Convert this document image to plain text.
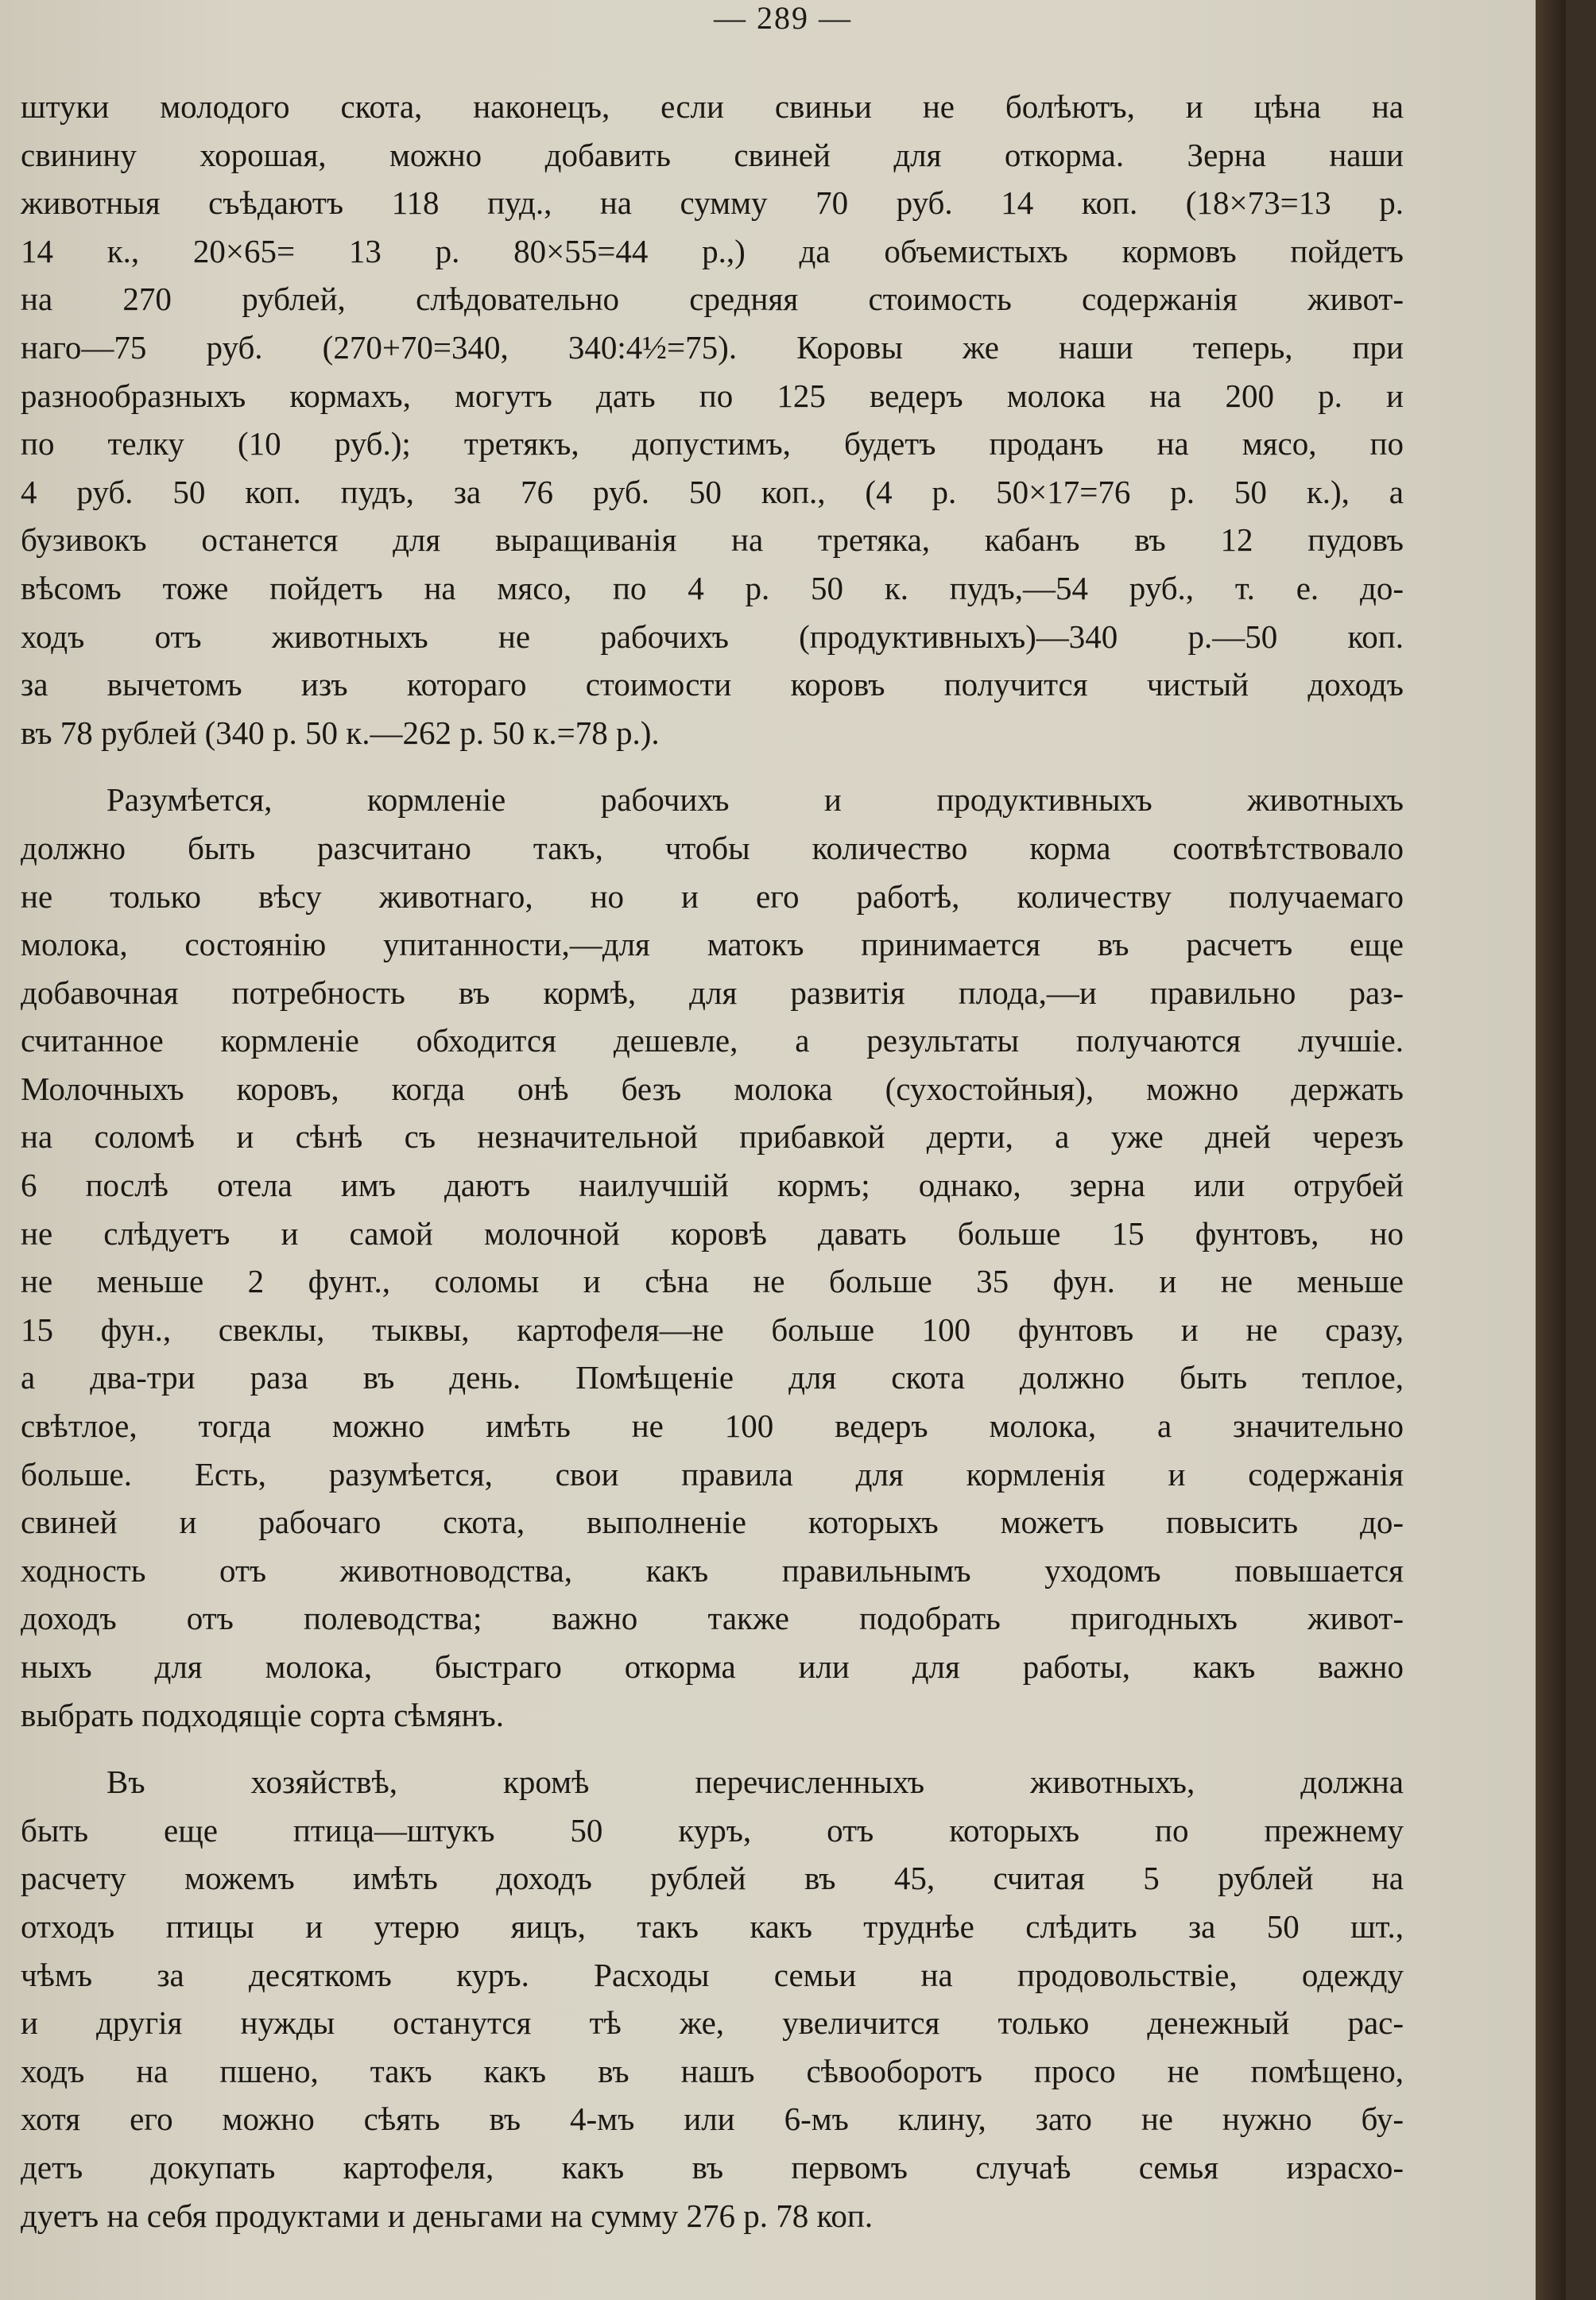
— 289 —
штуки молодого скота, наконецъ, если свиньи не болѣютъ, и цѣна на
свинину хорошая, можно добавить свиней для откорма. Зерна наши
животныя съѣдаютъ 118 пуд., на сумму 70 руб. 14 коп. (18×73=13 р.
14 к., 20×65= 13 р. 80×55=44 р.,) да объемистыхъ кормовъ пойдетъ
на 270 рублей, слѣдовательно средняя стоимость содержанія живот-
наго—75 руб. (270+70=340, 340:4½=75). Коровы же наши теперь, при
разнообразныхъ кормахъ, могутъ дать по 125 ведеръ молока на 200 р. и
по телку (10 руб.); третякъ, допустимъ, будетъ проданъ на мясо, по
4 руб. 50 коп. пудъ, за 76 руб. 50 коп., (4 р. 50×17=76 р. 50 к.), а
бузивокъ останется для выращиванія на третяка, кабанъ въ 12 пудовъ
вѣсомъ тоже пойдетъ на мясо, по 4 р. 50 к. пудъ,—54 руб., т. е. до-
ходъ отъ животныхъ не рабочихъ (продуктивныхъ)—340 р.—50 коп.
за вычетомъ изъ котораго стоимости коровъ получится чистый доходъ
въ 78 рублей (340 р. 50 к.—262 р. 50 к.=78 р.).
Разумѣется, кормленіе рабочихъ и продуктивныхъ животныхъ
должно быть разсчитано такъ, чтобы количество корма соотвѣтствовало
не только вѣсу животнаго, но и его работѣ, количеству получаемаго
молока, состоянію упитанности,—для матокъ принимается въ расчетъ еще
добавочная потребность въ кормѣ, для развитія плода,—и правильно раз-
считанное кормленіе обходится дешевле, а результаты получаются лучшіе.
Молочныхъ коровъ, когда онѣ безъ молока (сухостойныя), можно держать
на соломѣ и сѣнѣ съ незначительной прибавкой дерти, а уже дней черезъ
6 послѣ отела имъ даютъ наилучшій кормъ; однако, зерна или отрубей
не слѣдуетъ и самой молочной коровѣ давать больше 15 фунтовъ, но
не меньше 2 фунт., соломы и сѣна не больше 35 фун. и не меньше
15 фун., свеклы, тыквы, картофеля—не больше 100 фунтовъ и не сразу,
а два-три раза въ день. Помѣщеніе для скота должно быть теплое,
свѣтлое, тогда можно имѣть не 100 ведеръ молока, а значительно
больше. Есть, разумѣется, свои правила для кормленія и содержанія
свиней и рабочаго скота, выполненіе которыхъ можетъ повысить до-
ходность отъ животноводства, какъ правильнымъ уходомъ повышается
доходъ отъ полеводства; важно также подобрать пригодныхъ живот-
ныхъ для молока, быстраго откорма или для работы, какъ важно
выбрать подходящіе сорта сѣмянъ.
Въ хозяйствѣ, кромѣ перечисленныхъ животныхъ, должна
быть еще птица—штукъ 50 куръ, отъ которыхъ по прежнему
расчету можемъ имѣть доходъ рублей въ 45, считая 5 рублей на
отходъ птицы и утерю яицъ, такъ какъ труднѣе слѣдить за 50 шт.,
чѣмъ за десяткомъ куръ. Расходы семьи на продовольствіе, одежду
и другія нужды останутся тѣ же, увеличится только денежный рас-
ходъ на пшено, такъ какъ въ нашъ сѣвооборотъ просо не помѣщено,
хотя его можно сѣять въ 4-мъ или 6-мъ клину, зато не нужно бу-
детъ докупать картофеля, какъ въ первомъ случаѣ семья израсхо-
дуетъ на себя продуктами и деньгами на сумму 276 р. 78 коп.
